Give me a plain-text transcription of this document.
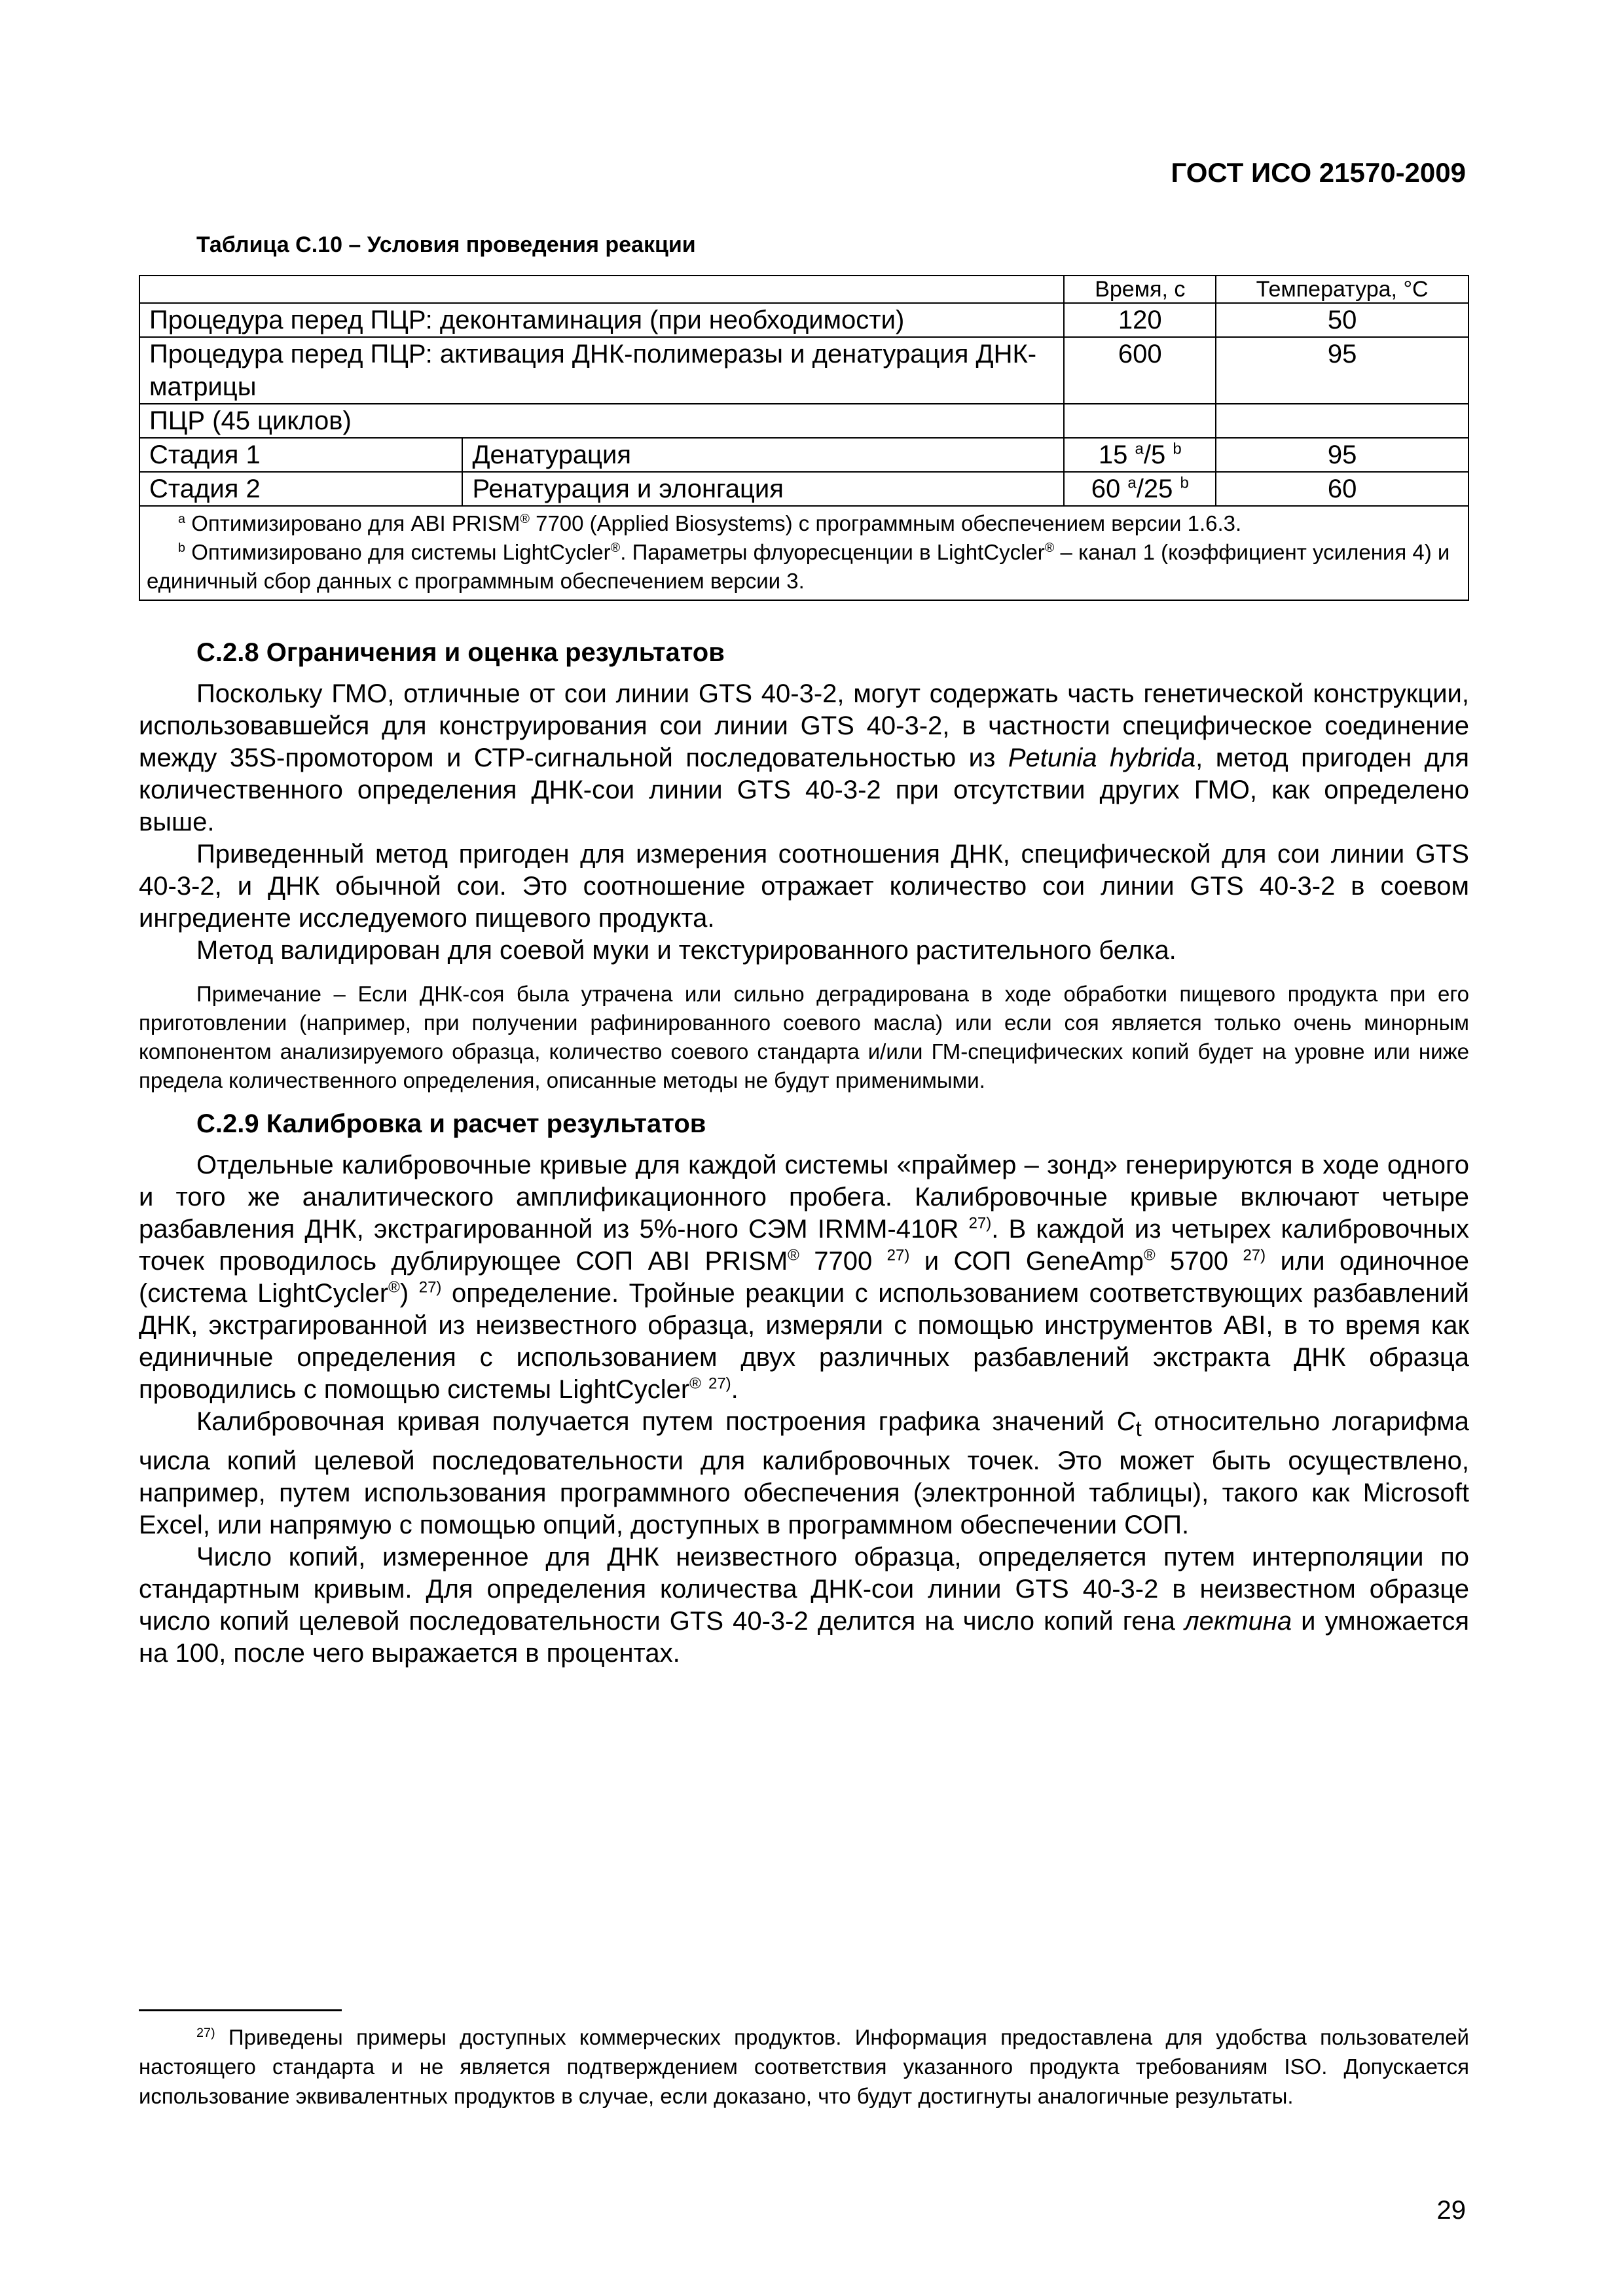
ГОСТ ИСО 21570-2009
Таблица С.10 – Условия проведения реакции
		Время, с	Температура, °С
Процедура перед ПЦР: деконтаминация (при необходимости)		120	50
Процедура перед ПЦР: активация ДНК-полимеразы и денатурация ДНК-матрицы		600	95
ПЦР (45 циклов)			
Стадия 1	Денатурация	15 $^a$/5 $^b$	95
Стадия 2	Ренатурация и элонгация	60 $^a$/25 $^b$	60

$^a$ Оптимизировано для ABI PRISM® 7700 (Applied Biosystems) с программным обеспечением версии 1.6.3.
$^b$ Оптимизировано для системы LightCycler®. Параметры флуоресценции в LightCycler® – канал 1 (коэффициент усиления 4) и единичный сбор данных с программным обеспечением версии 3.			
С.2.8 Ограничения и оценка результатов

Поскольку ГМО, отличные от сои линии GTS 40-3-2, могут содержать часть генетической конструкции, использовавшейся для конструирования сои линии GTS 40-3-2, в частности специфическое соединение между 35S-промотором и СТР-сигнальной последовательностью из Petunia hybrida, метод пригоден для количественного определения ДНК-сои линии GTS 40-3-2 при отсутствии других ГМО, как определено выше.

Приведенный метод пригоден для измерения соотношения ДНК, специфической для сои линии GTS 40-3-2, и ДНК обычной сои. Это соотношение отражает количество сои линии GTS 40-3-2 в соевом ингредиенте исследуемого пищевого продукта.

Метод валидирован для соевой муки и текстурированного растительного белка.

Примечание – Если ДНК-соя была утрачена или сильно деградирована в ходе обработки пищевого продукта при его приготовлении (например, при получении рафинированного соевого масла) или если соя является только очень минорным компонентом анализируемого образца, количество соевого стандарта и/или ГМ-специфических копий будет на уровне или ниже предела количественного определения, описанные методы не будут применимыми.

С.2.9 Калибровка и расчет результатов

Отдельные калибровочные кривые для каждой системы «праймер – зонд» генерируются в ходе одного и того же аналитического амплификационного пробега. Калибровочные кривые включают четыре разбавления ДНК, экстрагированной из 5%-ного СЭМ IRMM-410R $^{27)}$. В каждой из четырех калибровочных точек проводилось дублирующее СОП ABI PRISM® 7700 $^{27)}$ и СОП GeneAmp® 5700 $^{27)}$ или одиночное (система LightCycler®) $^{27)}$ определение. Тройные реакции с использованием соответствующих разбавлений ДНК, экстрагированной из неизвестного образца, измеряли с помощью инструментов ABI, в то время как единичные определения с использованием двух различных разбавлений экстракта ДНК образца проводились с помощью системы LightCycler® $^{27)}$.

Калибровочная кривая получается путем построения графика значений $C_t$ относительно логарифма числа копий целевой последовательности для калибровочных точек. Это может быть осуществлено, например, путем использования программного обеспечения (электронной таблицы), такого как Microsoft Excel, или напрямую с помощью опций, доступных в программном обеспечении СОП.

Число копий, измеренное для ДНК неизвестного образца, определяется путем интерполяции по стандартным кривым. Для определения количества ДНК-сои линии GTS 40-3-2 в неизвестном образце число копий целевой последовательности GTS 40-3-2 делится на число копий гена лектина и умножается на 100, после чего выражается в процентах.

$^{27)}$ Приведены примеры доступных коммерческих продуктов. Информация предоставлена для удобства пользователей настоящего стандарта и не является подтверждением соответствия указанного продукта требованиям ISO. Допускается использование эквивалентных продуктов в случае, если доказано, что будут достигнуты аналогичные результаты.

29
